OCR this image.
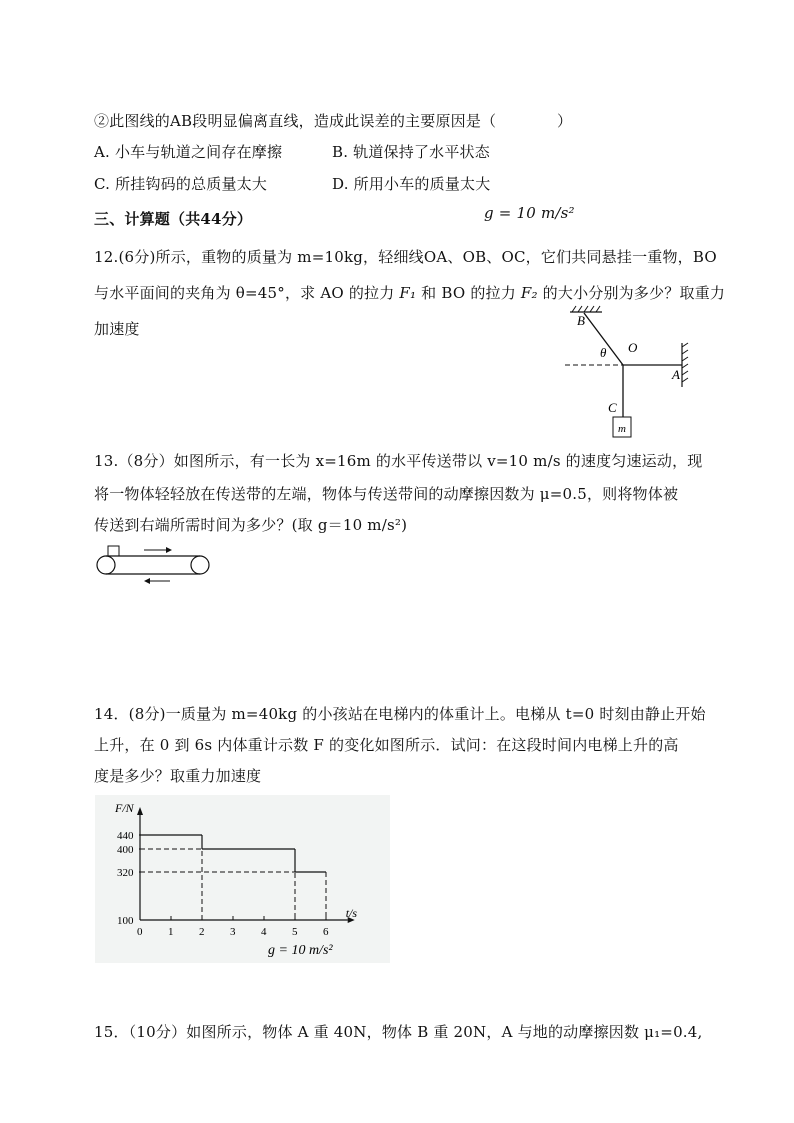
②此图线的AB段明显偏离直线，造成此误差的主要原因是（　　　　）
A. 小车与轨道之间存在摩擦	B. 轨道保持了水平状态
C. 所挂钩码的总质量太大	D. 所用小车的质量太大
三、计算题（共44分）	g = 10 m/s²
12.(6分)所示，重物的质量为 m=10kg，轻细线OA、OB、OC，它们共同悬挂一重物，BO
与水平面间的夹角为 θ=45°，求 AO 的拉力 F₁ 和 BO 的拉力 F₂ 的大小分别为多少？取重力
加速度
m
B
O
θ
A
C
13.（8分）如图所示，有一长为 x=16m 的水平传送带以 v=10 m/s 的速度匀速运动，现
将一物体轻轻放在传送带的左端，物体与传送带间的动摩擦因数为 μ=0.5，则将物体被
传送到右端所需时间为多少？(取 g＝10 m/s²)
14．(8分)一质量为 m=40kg 的小孩站在电梯内的体重计上。电梯从 t=0 时刻由静止开始
上升，在 0 到 6s 内体重计示数 F 的变化如图所示．试问：在这段时间内电梯上升的高
度是多少？取重力加速度
0 1 2 3 4 5 6
100
320
400
440
t/s
F/N
g = 10 m/s²
15．（10分）如图所示，物体 A 重 40N，物体 B 重 20N，A 与地的动摩擦因数 μ₁=0.4,
